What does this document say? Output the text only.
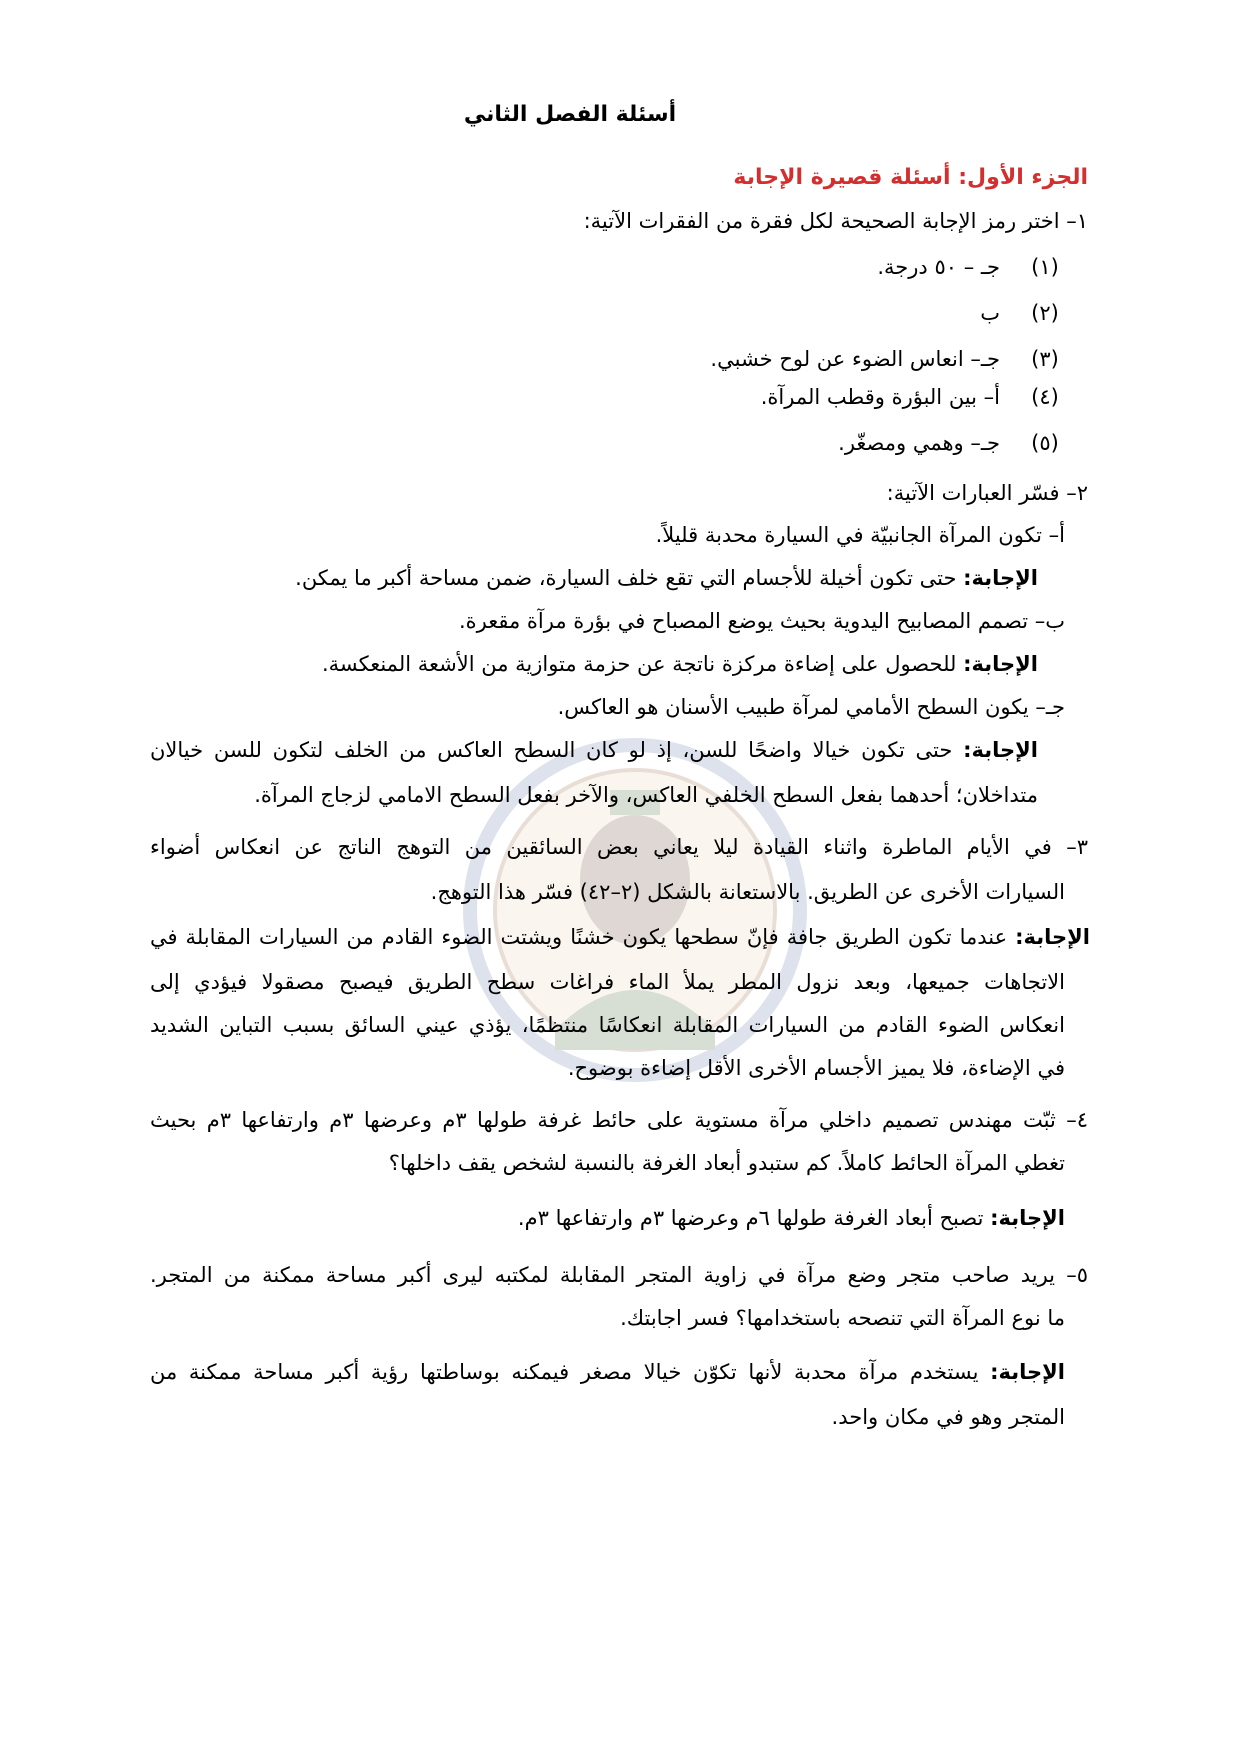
أسئلة الفصل الثاني
الجزء الأول: أسئلة قصيرة الإجابة
١– اختر رمز الإجابة الصحيحة لكل فقرة من الفقرات الآتية:
(١)
جـ – ٥٠ درجة.
(٢)
ب
(٣)
جـ– انعاس الضوء عن لوح خشبي.
(٤)
أ– بين البؤرة وقطب المرآة.
(٥)
جـ– وهمي ومصغّر.
٢– فسّر العبارات الآتية:
أ– تكون المرآة الجانبيّة في السيارة محدبة قليلاً.
الإجابة: حتى تكون أخيلة للأجسام التي تقع خلف السيارة، ضمن مساحة أكبر ما يمكن.
ب– تصمم المصابيح اليدوية بحيث يوضع المصباح في بؤرة مرآة مقعرة.
الإجابة: للحصول على إضاءة مركزة ناتجة عن حزمة متوازية من الأشعة المنعكسة.
جـ– يكون السطح الأمامي لمرآة طبيب الأسنان هو العاكس.
الإجابة: حتى تكون خيالا واضحًا للسن، إذ لو كان السطح العاكس من الخلف لتكون للسن خيالان
متداخلان؛ أحدهما بفعل السطح الخلفي العاكس، والآخر بفعل السطح الامامي لزجاج المرآة.
٣– في الأيام الماطرة واثناء القيادة ليلا يعاني بعض السائقين من التوهج الناتج عن انعكاس أضواء
السيارات الأخرى عن الطريق. بالاستعانة بالشكل (٢–٤٢) فسّر هذا التوهج.
الإجابة: عندما تكون الطريق جافة فإنّ سطحها يكون خشنًا ويشتت الضوء القادم من السيارات المقابلة في
الاتجاهات جميعها، وبعد نزول المطر يملأ الماء فراغات سطح الطريق فيصبح مصقولا فيؤدي إلى
انعكاس الضوء القادم من السيارات المقابلة انعكاسًا منتظمًا، يؤذي عيني السائق بسبب التباين الشديد
في الإضاءة، فلا يميز الأجسام الأخرى الأقل إضاءة بوضوح.
٤– ثبّت مهندس تصميم داخلي مرآة مستوية على حائط غرفة طولها ٣م وعرضها ٣م وارتفاعها ٣م بحيث
تغطي المرآة الحائط كاملاً. كم ستبدو أبعاد الغرفة بالنسبة لشخص يقف داخلها؟
الإجابة: تصبح أبعاد الغرفة طولها ٦م وعرضها ٣م وارتفاعها ٣م.
٥– يريد صاحب متجر وضع مرآة في زاوية المتجر المقابلة لمكتبه ليرى أكبر مساحة ممكنة من المتجر.
ما نوع المرآة التي تنصحه باستخدامها؟ فسر اجابتك.
الإجابة: يستخدم مرآة محدبة لأنها تكوّن خيالا مصغر فيمكنه بوساطتها رؤية أكبر مساحة ممكنة من
المتجر وهو في مكان واحد.
